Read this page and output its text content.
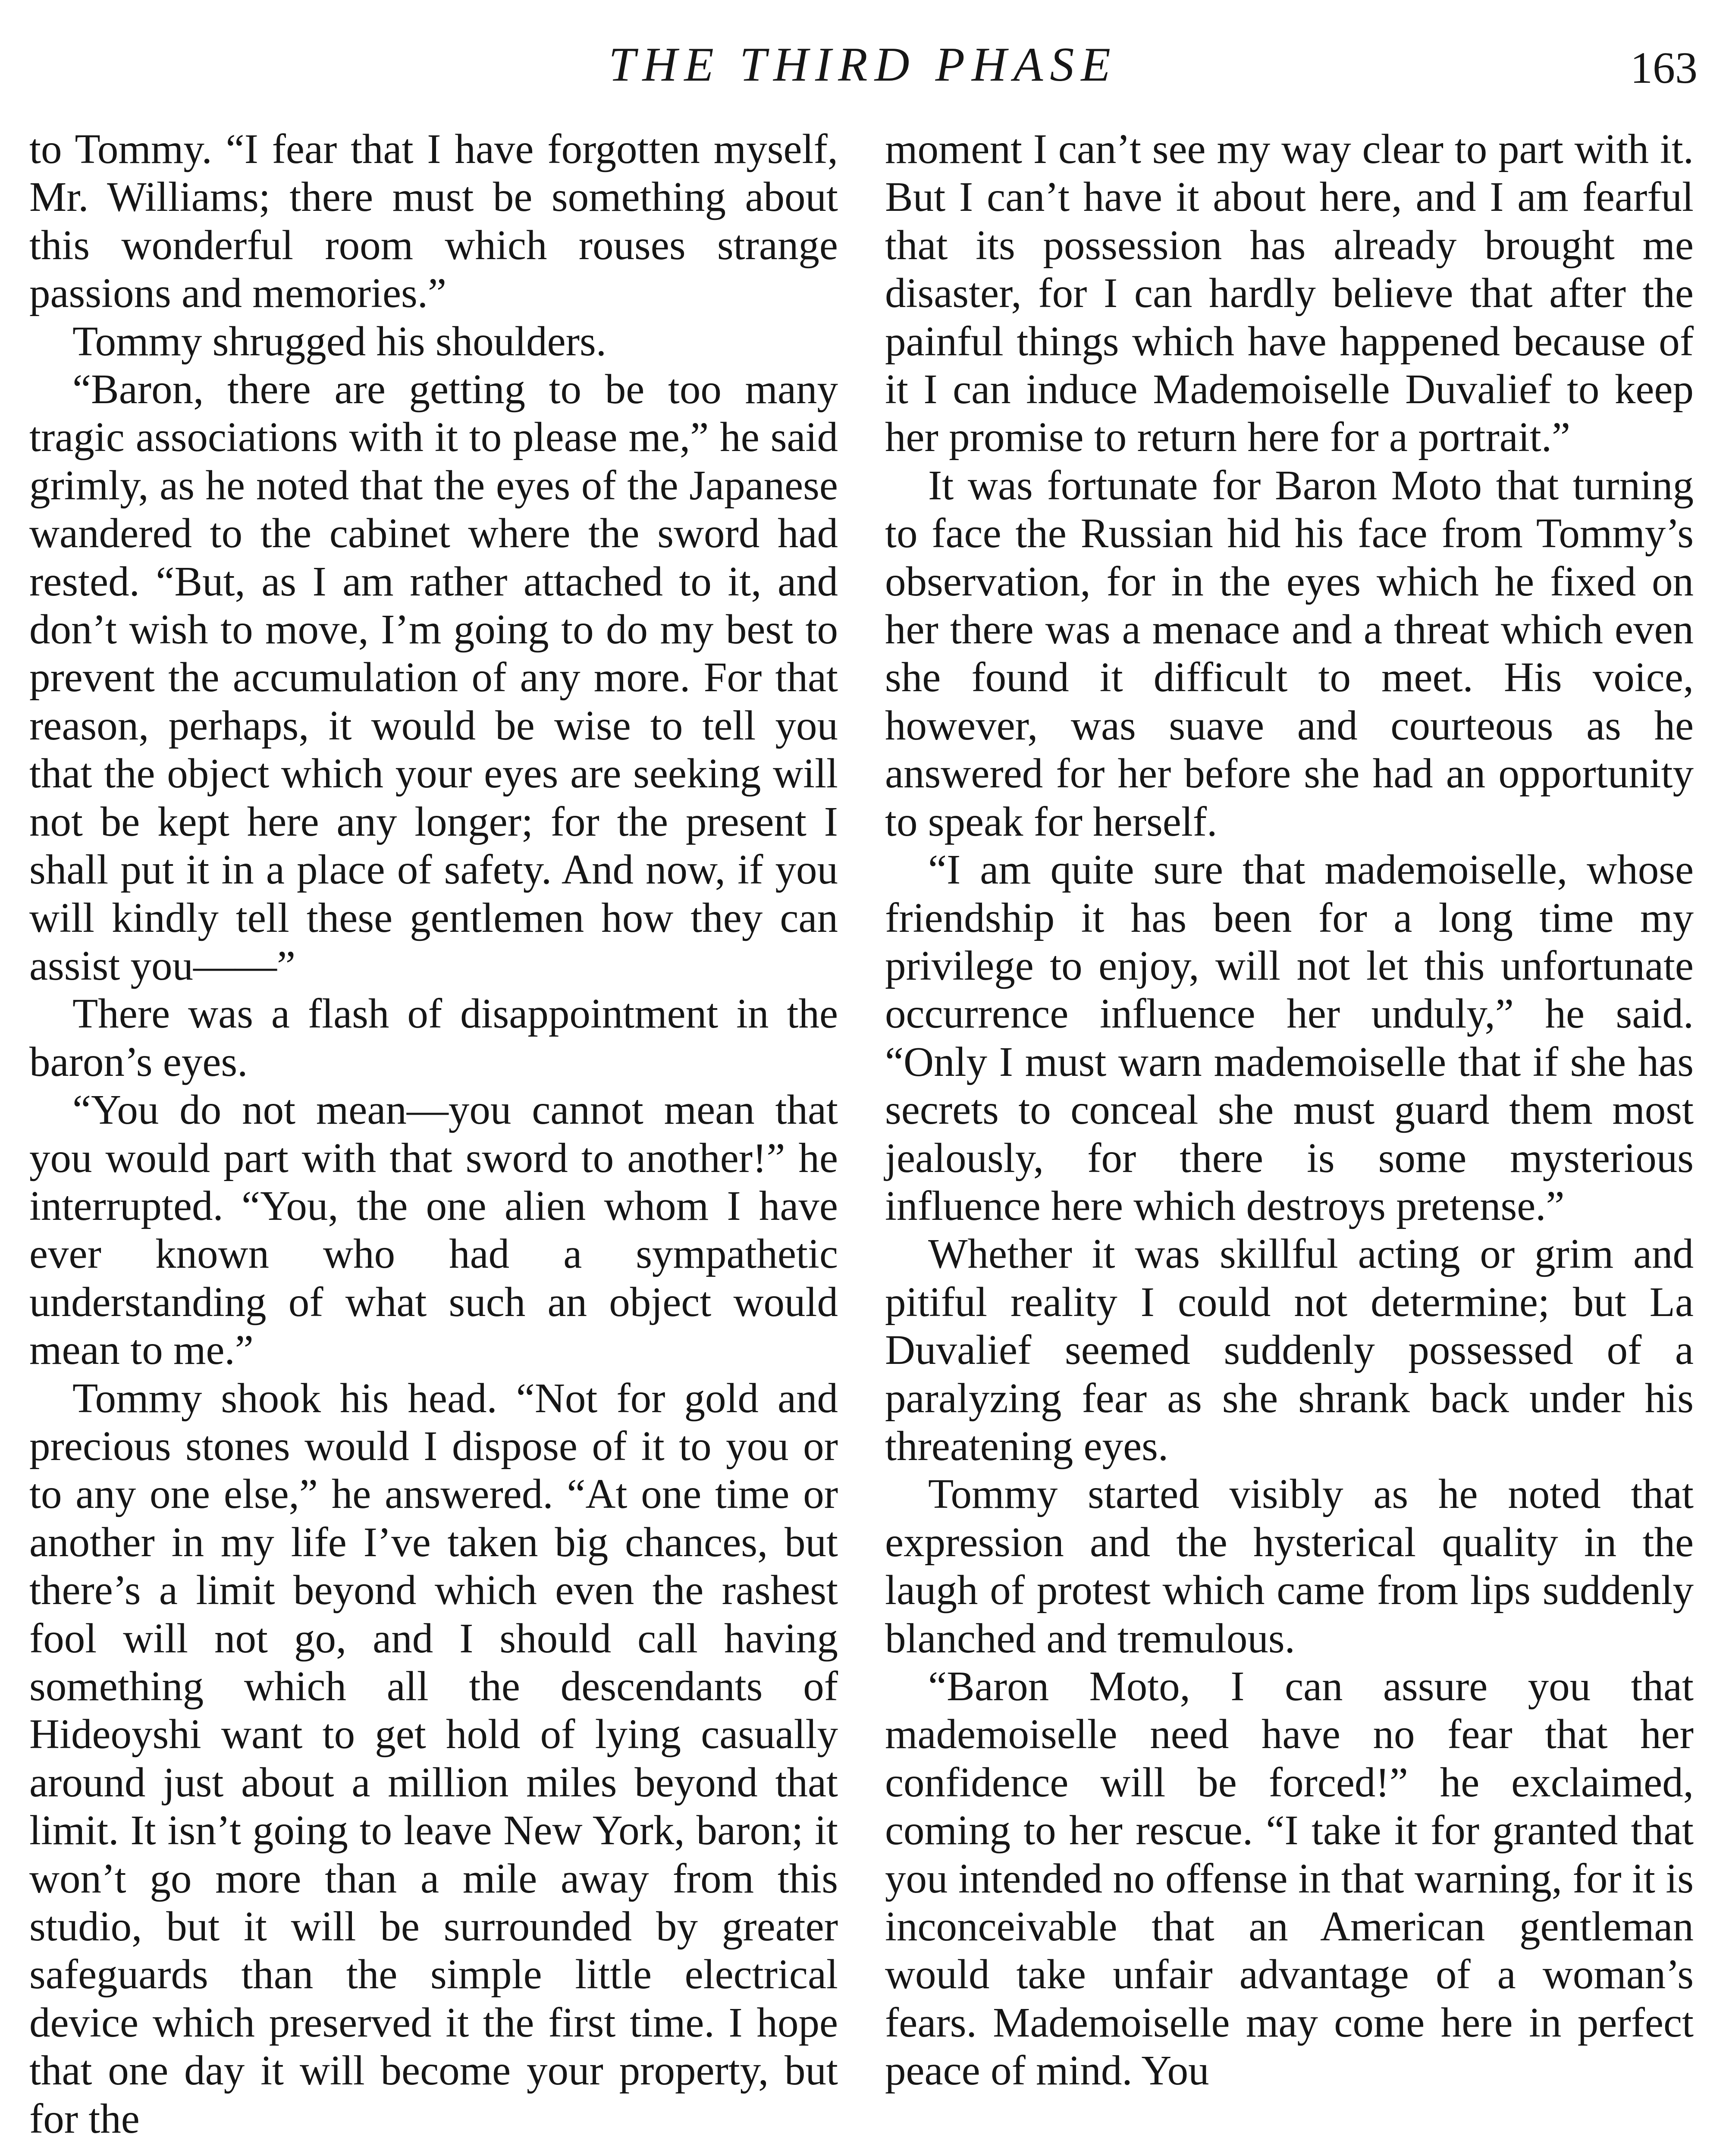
THE THIRD PHASE	163

to Tommy. “I fear that I have forgotten myself, Mr. Williams; there must be something about this wonderful room which rouses strange passions and memories.”

Tommy shrugged his shoulders.

“Baron, there are getting to be too many tragic associations with it to please me,” he said grimly, as he noted that the eyes of the Japanese wandered to the cabinet where the sword had rested. “But, as I am rather attached to it, and don’t wish to move, I’m going to do my best to prevent the accumulation of any more. For that reason, perhaps, it would be wise to tell you that the object which your eyes are seeking will not be kept here any longer; for the present I shall put it in a place of safety. And now, if you will kindly tell these gentlemen how they can assist you——”

There was a flash of disappointment in the baron’s eyes.

“You do not mean—you cannot mean that you would part with that sword to another!” he interrupted. “You, the one alien whom I have ever known who had a sympathetic understanding of what such an object would mean to me.”

Tommy shook his head. “Not for gold and precious stones would I dispose of it to you or to any one else,” he answered. “At one time or another in my life I’ve taken big chances, but there’s a limit beyond which even the rashest fool will not go, and I should call having something which all the descendants of Hideoyshi want to get hold of lying casually around just about a million miles beyond that limit. It isn’t going to leave New York, baron; it won’t go more than a mile away from this studio, but it will be surrounded by greater safeguards than the simple little electrical device which preserved it the first time. I hope that one day it will become your property, but for the

moment I can’t see my way clear to part with it. But I can’t have it about here, and I am fearful that its possession has already brought me disaster, for I can hardly believe that after the painful things which have happened because of it I can induce Mademoiselle Duvalief to keep her promise to return here for a portrait.”

It was fortunate for Baron Moto that turning to face the Russian hid his face from Tommy’s observation, for in the eyes which he fixed on her there was a menace and a threat which even she found it difficult to meet. His voice, however, was suave and courteous as he answered for her before she had an opportunity to speak for herself.

“I am quite sure that mademoiselle, whose friendship it has been for a long time my privilege to enjoy, will not let this unfortunate occurrence influence her unduly,” he said. “Only I must warn mademoiselle that if she has secrets to conceal she must guard them most jealously, for there is some mysterious influence here which destroys pretense.”

Whether it was skillful acting or grim and pitiful reality I could not determine; but La Duvalief seemed suddenly possessed of a paralyzing fear as she shrank back under his threatening eyes.

Tommy started visibly as he noted that expression and the hysterical quality in the laugh of protest which came from lips suddenly blanched and tremulous.

“Baron Moto, I can assure you that mademoiselle need have no fear that her confidence will be forced!” he exclaimed, coming to her rescue. “I take it for granted that you intended no offense in that warning, for it is inconceivable that an American gentleman would take unfair advantage of a woman’s fears. Mademoiselle may come here in perfect peace of mind. You
